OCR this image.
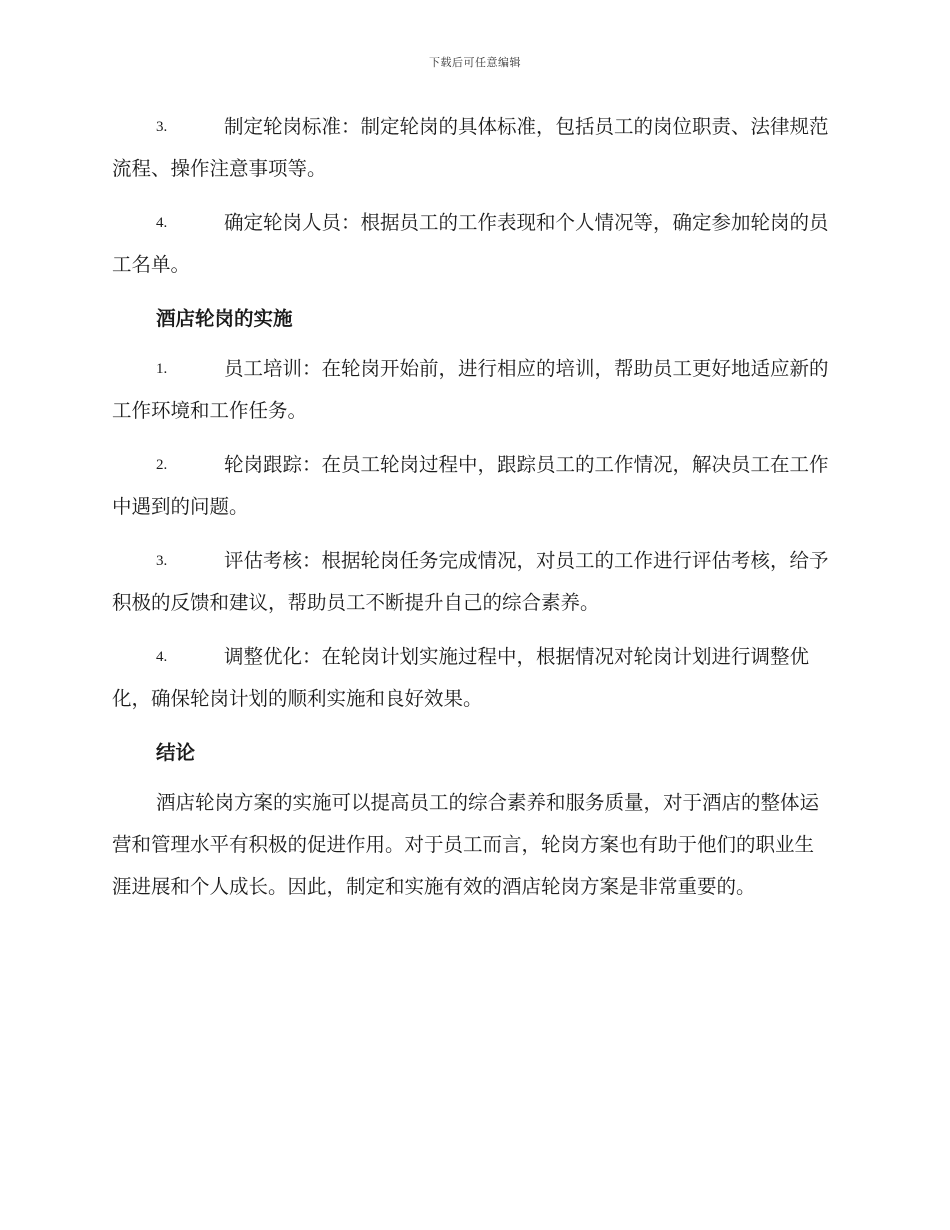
下载后可任意编辑
3.	制定轮岗标准：制定轮岗的具体标准，包括员工的岗位职责、法律规范流程、操作注意事项等。
4.	确定轮岗人员：根据员工的工作表现和个人情况等，确定参加轮岗的员工名单。
酒店轮岗的实施
1.	员工培训：在轮岗开始前，进行相应的培训，帮助员工更好地适应新的工作环境和工作任务。
2.	轮岗跟踪：在员工轮岗过程中，跟踪员工的工作情况，解决员工在工作中遇到的问题。
3.	评估考核：根据轮岗任务完成情况，对员工的工作进行评估考核，给予积极的反馈和建议，帮助员工不断提升自己的综合素养。
4.	调整优化：在轮岗计划实施过程中，根据情况对轮岗计划进行调整优化，确保轮岗计划的顺利实施和良好效果。
结论

酒店轮岗方案的实施可以提高员工的综合素养和服务质量，对于酒店的整体运营和管理水平有积极的促进作用。对于员工而言，轮岗方案也有助于他们的职业生涯进展和个人成长。因此，制定和实施有效的酒店轮岗方案是非常重要的。
